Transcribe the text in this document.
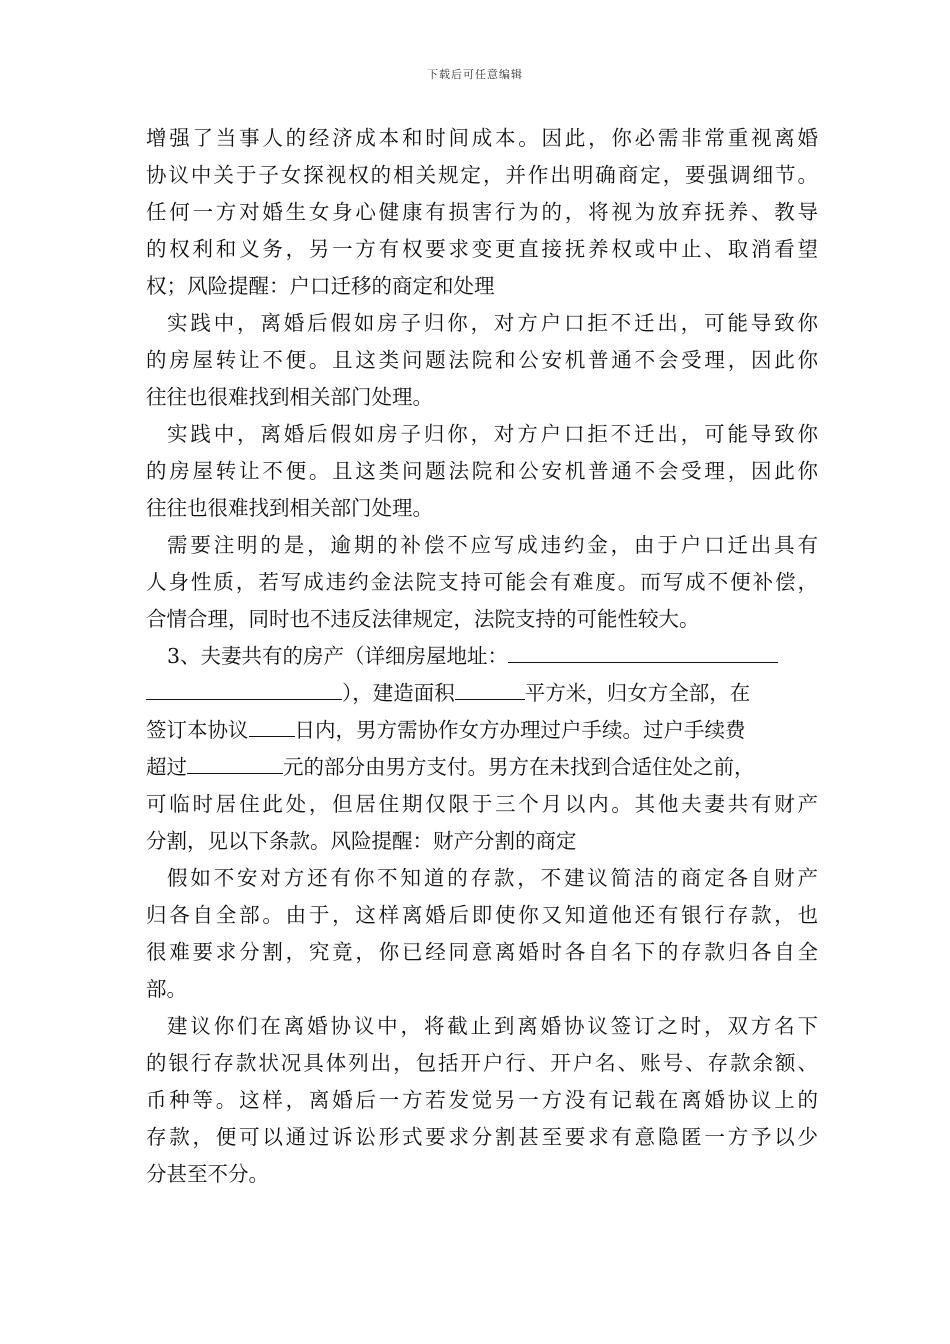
下载后可任意编辑
增强了当事人的经济成本和时间成本。因此，你必需非常重视离婚
协议中关于子女探视权的相关规定，并作出明确商定，要强调细节。
任何一方对婚生女身心健康有损害行为的，将视为放弃抚养、教导
的权利和义务，另一方有权要求变更直接抚养权或中止、取消看望
权；风险提醒：户口迁移的商定和处理
实践中，离婚后假如房子归你，对方户口拒不迁出，可能导致你
的房屋转让不便。且这类问题法院和公安机普通不会受理，因此你
往往也很难找到相关部门处理。
实践中，离婚后假如房子归你，对方户口拒不迁出，可能导致你
的房屋转让不便。且这类问题法院和公安机普通不会受理，因此你
往往也很难找到相关部门处理。
需要注明的是，逾期的补偿不应写成违约金，由于户口迁出具有
人身性质，若写成违约金法院支持可能会有难度。而写成不便补偿，
合情合理，同时也不违反法律规定，法院支持的可能性较大。
3、夫妻共有的房产（详细房屋地址：
），建造面积	平方米，归女方全部，在
签订本协议 日内，男方需协作女方办理过户手续。过户手续费
超过	元的部分由男方支付。男方在未找到合适住处之前，
可临时居住此处，但居住期仅限于三个月以内。其他夫妻共有财产
分割，见以下条款。风险提醒：财产分割的商定
假如不安对方还有你不知道的存款，不建议简洁的商定各自财产
归各自全部。由于，这样离婚后即使你又知道他还有银行存款，也
很难要求分割，究竟，你已经同意离婚时各自名下的存款归各自全
部。
建议你们在离婚协议中，将截止到离婚协议签订之时，双方名下
的银行存款状况具体列出，包括开户行、开户名、账号、存款余额、
币种等。这样，离婚后一方若发觉另一方没有记载在离婚协议上的
存款，便可以通过诉讼形式要求分割甚至要求有意隐匿一方予以少
分甚至不分。
